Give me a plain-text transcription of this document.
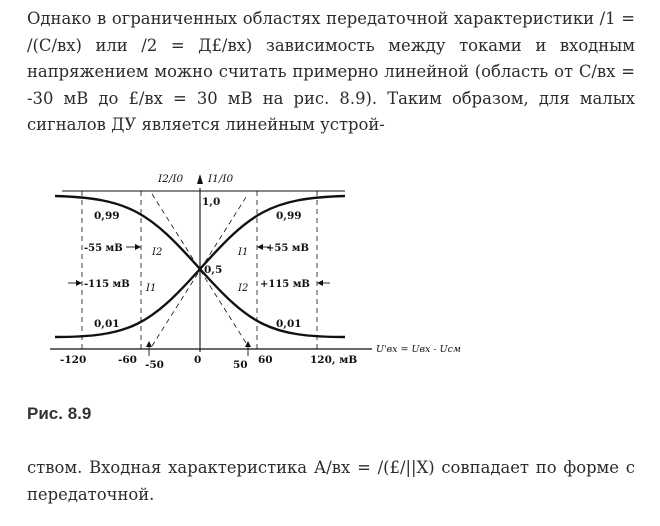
Однако в ограниченных областях передаточной характеристики /1 = /(С/вх) или /2 = Д£/вх) зависимость между токами и входным напряжением можно считать примерно линейной (область от С/вх = -30 мВ до £/вх = 30 мВ на рис. 8.9). Таким образом, для малых сигналов ДУ является линейным устрой-

I2/I0 I1/I0
1,0
0,5
0,99	0,99
0,01	0,01
-55 мВ
-115 мВ
+55 мВ
+115 мВ
I2
I1
I1
I2
-120	-60 -50	0	50 60	120, мВ
U'вх = Uвх - Uсм
Рис. 8.9

ством. Входная характеристика А/вх = /(£/||Х) совпадает по форме с передаточной.
